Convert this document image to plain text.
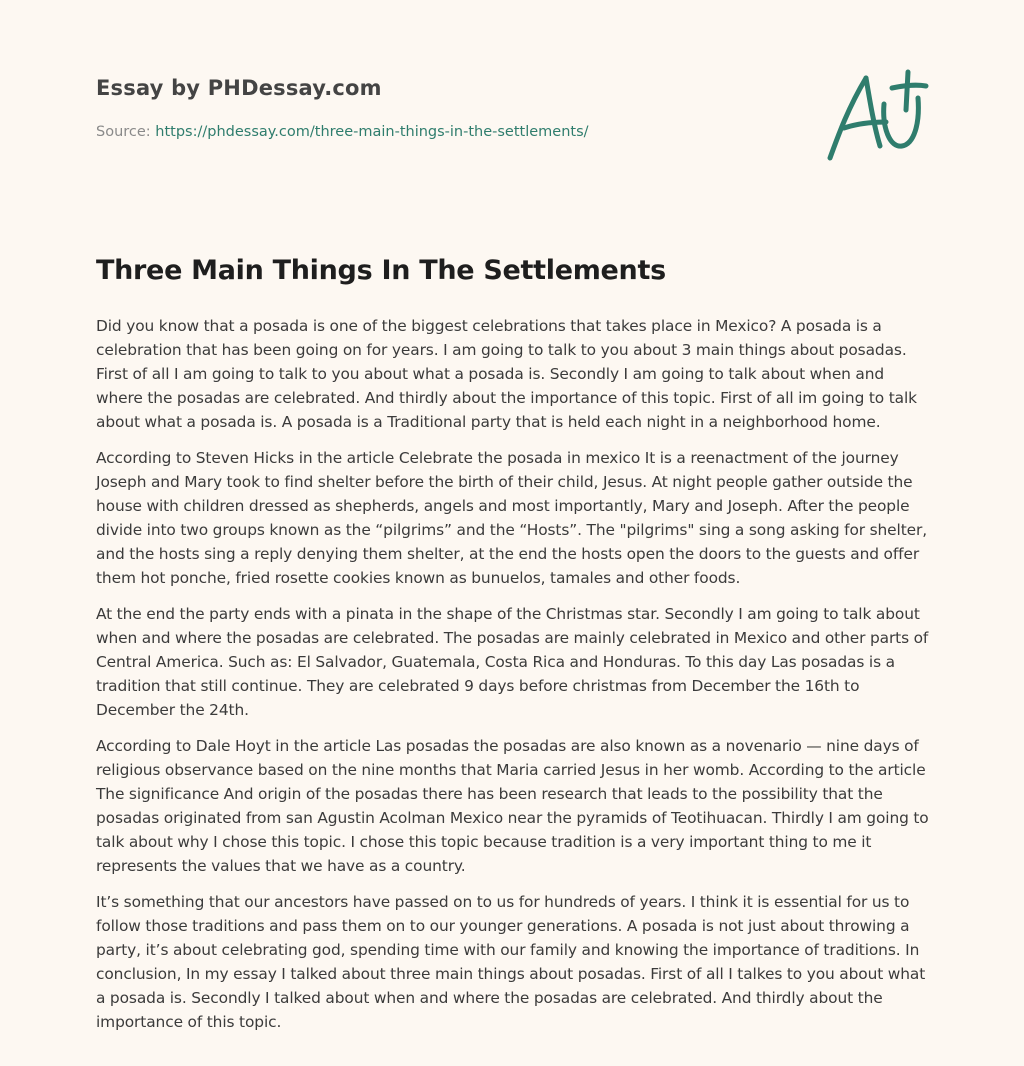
Essay by PHDessay.com
Source: https://phdessay.com/three-main-things-in-the-settlements/
Three Main Things In The Settlements

Did you know that a posada is one of the biggest celebrations that takes place in Mexico? A posada is a celebration that has been going on for years. I am going to talk to you about 3 main things about posadas. First of all I am going to talk to you about what a posada is. Secondly I am going to talk about when and where the posadas are celebrated. And thirdly about the importance of this topic. First of all im going to talk about what a posada is. A posada is a Traditional party that is held each night in a neighborhood home.

According to Steven Hicks in the article Celebrate the posada in mexico It is a reenactment of the journey Joseph and Mary took to find shelter before the birth of their child, Jesus. At night people gather outside the house with children dressed as shepherds, angels and most importantly, Mary and Joseph. After the people divide into two groups known as the “pilgrims” and the “Hosts”. The "pilgrims" sing a song asking for shelter, and the hosts sing a reply denying them shelter, at the end the hosts open the doors to the guests and offer them hot ponche, fried rosette cookies known as bunuelos, tamales and other foods.

At the end the party ends with a pinata in the shape of the Christmas star. Secondly I am going to talk about when and where the posadas are celebrated. The posadas are mainly celebrated in Mexico and other parts of Central America. Such as: El Salvador, Guatemala, Costa Rica and Honduras. To this day Las posadas is a tradition that still continue. They are celebrated 9 days before christmas from December the 16th to December the 24th.

According to Dale Hoyt in the article Las posadas the posadas are also known as a novenario — nine days of religious observance based on the nine months that Maria carried Jesus in her womb. According to the article The significance And origin of the posadas there has been research that leads to the possibility that the posadas originated from san Agustin Acolman Mexico near the pyramids of Teotihuacan. Thirdly I am going to talk about why I chose this topic. I chose this topic because tradition is a very important thing to me it represents the values that we have as a country.

It’s something that our ancestors have passed on to us for hundreds of years. I think it is essential for us to follow those traditions and pass them on to our younger generations. A posada is not just about throwing a party, it’s about celebrating god, spending time with our family and knowing the importance of traditions. In conclusion, In my essay I talked about three main things about posadas. First of all I talkes to you about what a posada is. Secondly I talked about when and where the posadas are celebrated. And thirdly about the importance of this topic.
